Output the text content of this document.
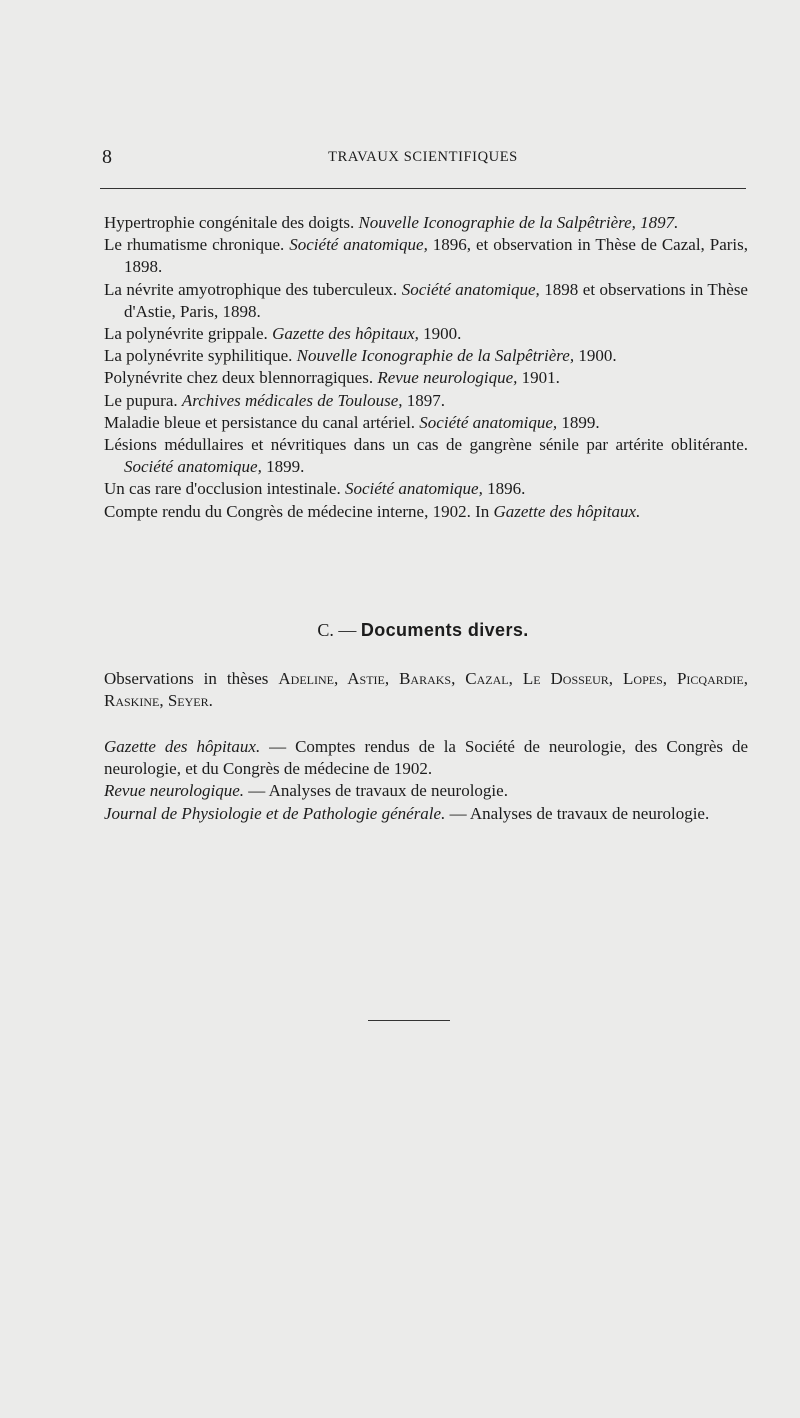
8	TRAVAUX SCIENTIFIQUES
Hypertrophie congénitale des doigts. Nouvelle Iconographie de la Salpêtrière, 1897.
Le rhumatisme chronique. Société anatomique, 1896, et observation in Thèse de Cazal, Paris, 1898.
La névrite amyotrophique des tuberculeux. Société anatomique, 1898 et observations in Thèse d'Astie, Paris, 1898.
La polynévrite grippale. Gazette des hôpitaux, 1900.
La polynévrite syphilitique. Nouvelle Iconographie de la Salpêtrière, 1900.
Polynévrite chez deux blennorragiques. Revue neurologique, 1901.
Le pupura. Archives médicales de Toulouse, 1897.
Maladie bleue et persistance du canal artériel. Société anatomique, 1899.
Lésions médullaires et névritiques dans un cas de gangrène sénile par artérite oblitérante. Société anatomique, 1899.
Un cas rare d'occlusion intestinale. Société anatomique, 1896.
Compte rendu du Congrès de médecine interne, 1902. In Gazette des hôpitaux.
C. — Documents divers.
Observations in thèses Adeline, Astie, Baraks, Cazal, Le Dosseur, Lopes, Picqardie, Raskine, Seyer.
Gazette des hôpitaux. — Comptes rendus de la Société de neurologie, des Congrès de neurologie, et du Congrès de médecine de 1902.
Revue neurologique. — Analyses de travaux de neurologie.
Journal de Physiologie et de Pathologie générale. — Analyses de travaux de neurologie.
